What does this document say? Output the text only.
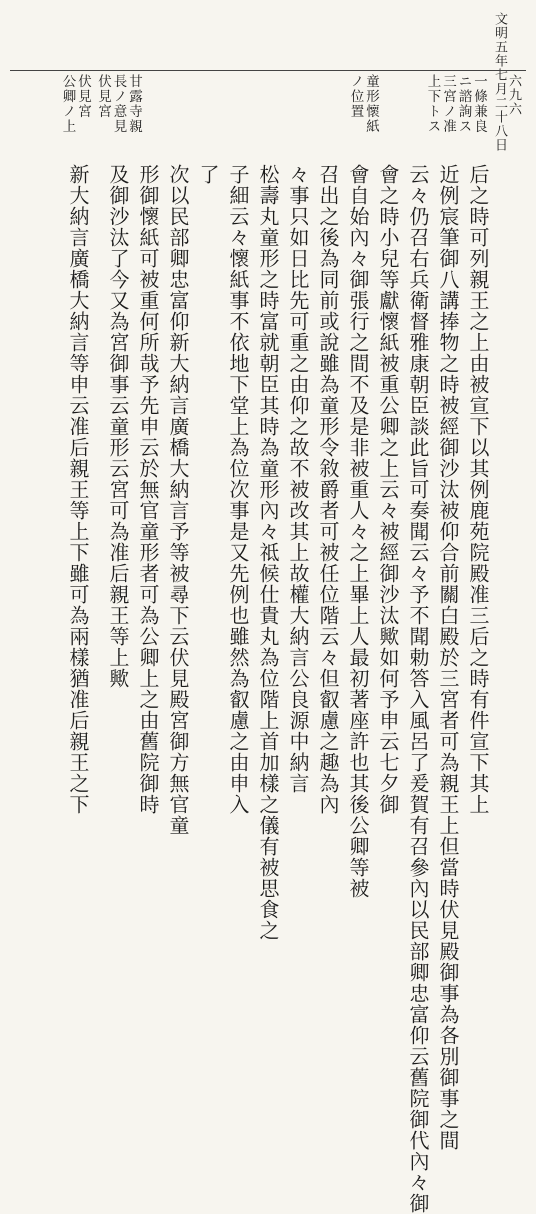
文明五年七月二十八日 六九六
一條兼良
ニ諮詢ス
三宮ノ准
上下トス
童形懷紙
ノ位置
甘露寺親
長ノ意見
伏見宮
伏見宮
公卿ノ上
后之時可列親王之上由被宣下以其例鹿苑院殿准三后之時有件宣下其上
近例宸筆御八講捧物之時被經御沙汰被仰合前關白殿於三宮者可為親王上但當時伏見殿御事為各別御事之間
云々仍召右兵衛督雅康朝臣談此旨可奏聞云々予不聞勅答入風呂了爰賀有召參內以民部卿忠富仰云舊院御代內々御
會之時小兒等獻懷紙被重公卿之上云々被經御沙汰歟如何予申云七夕御
會自始內々御張行之間不及是非被重人々之上畢上人最初著座許也其後公卿等被
召出之後為同前或說雖為童形令敘爵者可被任位階云々但叡慮之趣為內
々事只如日比先可重之由仰之故不被改其上故權大納言公良源中納言
松壽丸童形之時富就朝臣其時為童形內々祗候仕貴丸為位階上首加樣之儀有被思食之
子細云々懷紙事不依地下堂上為位次事是又先例也雖然為叡慮之由申入
了
次以民部卿忠富仰新大納言廣橋大納言予等被尋下云伏見殿宮御方無官童
形御懷紙可被重何所哉予先申云於無官童形者可為公卿上之由舊院御時
及御沙汰了今又為宮御事云童形云宮可為准后親王等上歟
新大納言廣橋大納言等申云准后親王等上下雖可為兩樣猶准后親王之下
